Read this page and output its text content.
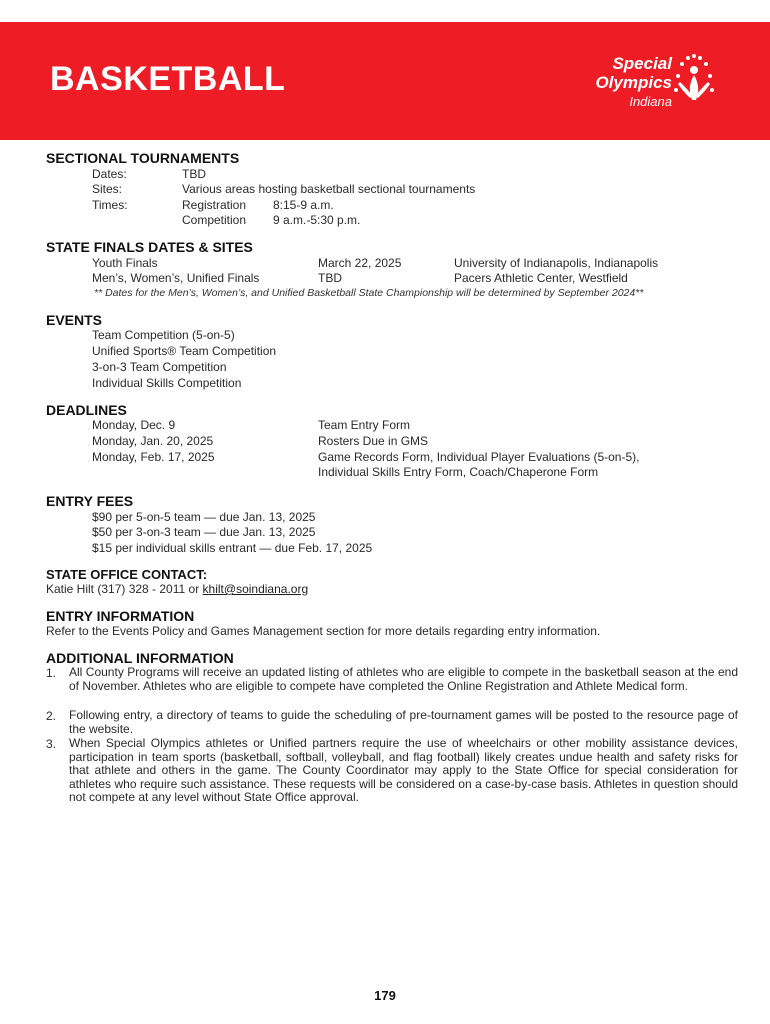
BASKETBALL	Special
Olympics
Indiana
SECTIONAL TOURNAMENTS
Dates:	TBD
Sites:	Various areas hosting basketball sectional tournaments
Times:	Registration 8:15-9 a.m.
Competition 9 a.m.-5:30 p.m.
STATE FINALS DATES & SITES
Youth Finals	March 22, 2025	University of Indianapolis, Indianapolis
Men’s, Women’s, Unified Finals	TBD	Pacers Athletic Center, Westfield
** Dates for the Men’s, Women’s, and Unified Basketball State Championship will be determined by September 2024**
EVENTS
Team Competition (5-on-5)
Unified Sports® Team Competition
3-on-3 Team Competition
Individual Skills Competition
DEADLINES
Monday, Dec. 9	Team Entry Form
Monday, Jan. 20, 2025	Rosters Due in GMS
Monday, Feb. 17, 2025	Game Records Form, Individual Player Evaluations (5-on-5),
Individual Skills Entry Form, Coach/Chaperone Form
ENTRY FEES
$90 per 5-on-5 team — due Jan. 13, 2025
$50 per 3-on-3 team — due Jan. 13, 2025
$15 per individual skills entrant — due Feb. 17, 2025
STATE OFFICE CONTACT:
Katie Hilt (317) 328 - 2011 or khilt@soindiana.org
ENTRY INFORMATION
Refer to the Events Policy and Games Management section for more details regarding entry information.
ADDITIONAL INFORMATION
1. All County Programs will receive an updated listing of athletes who are eligible to compete in the basketball season at the end of November. Athletes who are eligible to compete have completed the Online Registration and Athlete Medical form.
2. Following entry, a directory of teams to guide the scheduling of pre-tournament games will be posted to the resource page of the website.
3. When Special Olympics athletes or Unified partners require the use of wheelchairs or other mobility assistance devices, participation in team sports (basketball, softball, volleyball, and flag football) likely creates undue health and safety risks for that athlete and others in the game. The County Coordinator may apply to the State Office for special consideration for athletes who require such assistance. These requests will be considered on a case-by-case basis. Athletes in question should not compete at any level without State Office approval.
179
